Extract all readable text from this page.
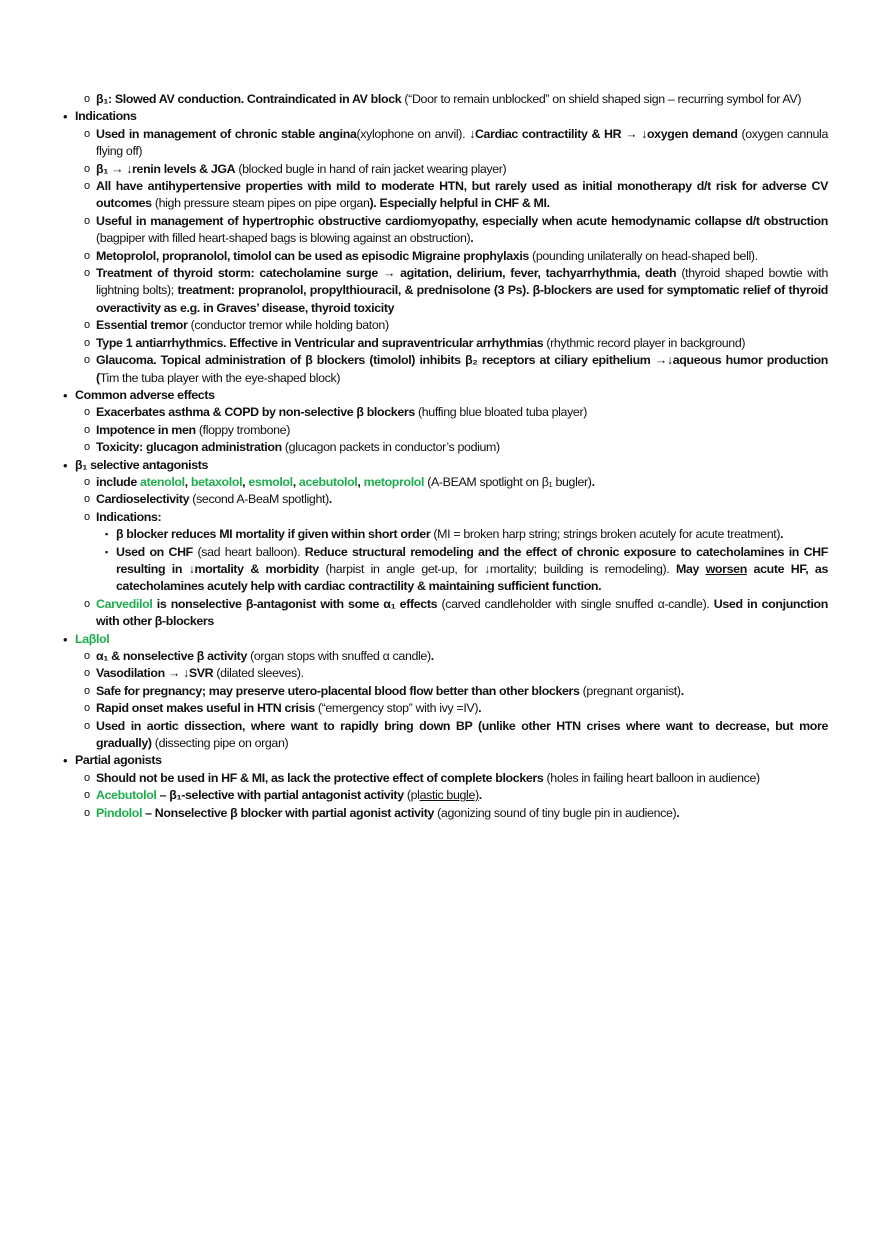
o β₁: Slowed AV conduction. Contraindicated in AV block (“Door to remain unblocked” on shield shaped sign – recurring symbol for AV)
• Indications
o Used in management of chronic stable angina(xylophone on anvil). ↓Cardiac contractility & HR → ↓oxygen demand (oxygen cannula flying off)
o β₁ → ↓renin levels & JGA (blocked bugle in hand of rain jacket wearing player)
o All have antihypertensive properties with mild to moderate HTN, but rarely used as initial monotherapy d/t risk for adverse CV outcomes (high pressure steam pipes on pipe organ). Especially helpful in CHF & MI.
o Useful in management of hypertrophic obstructive cardiomyopathy, especially when acute hemodynamic collapse d/t obstruction (bagpiper with filled heart-shaped bags is blowing against an obstruction).
o Metoprolol, propranolol, timolol can be used as episodic Migraine prophylaxis (pounding unilaterally on head-shaped bell).
o Treatment of thyroid storm: catecholamine surge → agitation, delirium, fever, tachyarrhythmia, death (thyroid shaped bowtie with lightning bolts); treatment: propranolol, propylthiouracil, & prednisolone (3 Ps). β-blockers are used for symptomatic relief of thyroid overactivity as e.g. in Graves’ disease, thyroid toxicity
o Essential tremor (conductor tremor while holding baton)
o Type 1 antiarrhythmics. Effective in Ventricular and supraventricular arrhythmias (rhythmic record player in background)
o Glaucoma. Topical administration of β blockers (timolol) inhibits β₂ receptors at ciliary epithelium →↓aqueous humor production (Tim the tuba player with the eye-shaped block)
• Common adverse effects
o Exacerbates asthma & COPD by non-selective β blockers (huffing blue bloated tuba player)
o Impotence in men (floppy trombone)
o Toxicity: glucagon administration (glucagon packets in conductor’s podium)
• β₁ selective antagonists
o include atenolol, betaxolol, esmolol, acebutolol, metoprolol (A-BEAM spotlight on β₁ bugler).
o Cardioselectivity (second A-BeaM spotlight).
o Indications:
▪ β blocker reduces MI mortality if given within short order (MI = broken harp string; strings broken acutely for acute treatment).
▪ Used on CHF (sad heart balloon). Reduce structural remodeling and the effect of chronic exposure to catecholamines in CHF resulting in ↓mortality & morbidity (harpist in angle get-up, for ↓mortality; building is remodeling). May worsen acute HF, as catecholamines acutely help with cardiac contractility & maintaining sufficient function.
o Carvedilol is nonselective β-antagonist with some α₁ effects (carved candleholder with single snuffed α-candle). Used in conjunction with other β-blockers
• Laβlol
o α₁ & nonselective β activity (organ stops with snuffed α candle).
o Vasodilation → ↓SVR (dilated sleeves).
o Safe for pregnancy; may preserve utero-placental blood flow better than other blockers (pregnant organist).
o Rapid onset makes useful in HTN crisis (“emergency stop” with ivy =IV).
o Used in aortic dissection, where want to rapidly bring down BP (unlike other HTN crises where want to decrease, but more gradually) (dissecting pipe on organ)
• Partial agonists
o Should not be used in HF & MI, as lack the protective effect of complete blockers (holes in failing heart balloon in audience)
o Acebutolol – β₁-selective with partial antagonist activity (plastic bugle).
o Pindolol – Nonselective β blocker with partial agonist activity (agonizing sound of tiny bugle pin in audience).
